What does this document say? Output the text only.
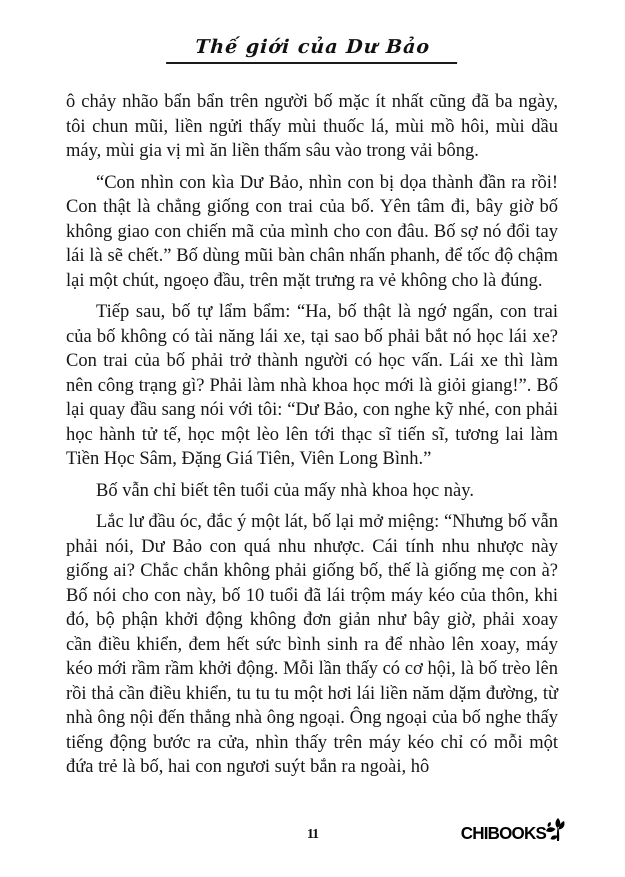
Thế giới của Dư Bảo

ô chảy nhão bẩn bẩn trên người bố mặc ít nhất cũng đã ba ngày, tôi chun mũi, liền ngửi thấy mùi thuốc lá, mùi mồ hôi, mùi dầu máy, mùi gia vị mì ăn liền thấm sâu vào trong vải bông.

“Con nhìn con kìa Dư Bảo, nhìn con bị dọa thành đần ra rồi! Con thật là chẳng giống con trai của bố. Yên tâm đi, bây giờ bố không giao con chiến mã của mình cho con đâu. Bố sợ nó đổi tay lái là sẽ chết.” Bố dùng mũi bàn chân nhấn phanh, để tốc độ chậm lại một chút, ngoẹo đầu, trên mặt trưng ra vẻ không cho là đúng.

Tiếp sau, bố tự lẩm bẩm: “Ha, bố thật là ngớ ngẩn, con trai của bố không có tài năng lái xe, tại sao bố phải bắt nó học lái xe? Con trai của bố phải trở thành người có học vấn. Lái xe thì làm nên công trạng gì? Phải làm nhà khoa học mới là giỏi giang!”. Bố lại quay đầu sang nói với tôi: “Dư Bảo, con nghe kỹ nhé, con phải học hành tử tế, học một lèo lên tới thạc sĩ tiến sĩ, tương lai làm Tiền Học Sâm, Đặng Giá Tiên, Viên Long Bình.”

Bố vẫn chỉ biết tên tuổi của mấy nhà khoa học này.

Lắc lư đầu óc, đắc ý một lát, bố lại mở miệng: “Nhưng bố vẫn phải nói, Dư Bảo con quá nhu nhược. Cái tính nhu nhược này giống ai? Chắc chắn không phải giống bố, thế là giống mẹ con à? Bố nói cho con này, bố 10 tuổi đã lái trộm máy kéo của thôn, khi đó, bộ phận khởi động không đơn giản như bây giờ, phải xoay cần điều khiển, đem hết sức bình sinh ra để nhào lên xoay, máy kéo mới rầm rầm khởi động. Mỗi lần thấy có cơ hội, là bố trèo lên rồi thả cần điều khiển, tu tu tu một hơi lái liền năm dặm đường, từ nhà ông nội đến thẳng nhà ông ngoại. Ông ngoại của bố nghe thấy tiếng động bước ra cửa, nhìn thấy trên máy kéo chỉ có mỗi một đứa trẻ là bố, hai con ngươi suýt bắn ra ngoài, hô

11	CHIBOOKS
